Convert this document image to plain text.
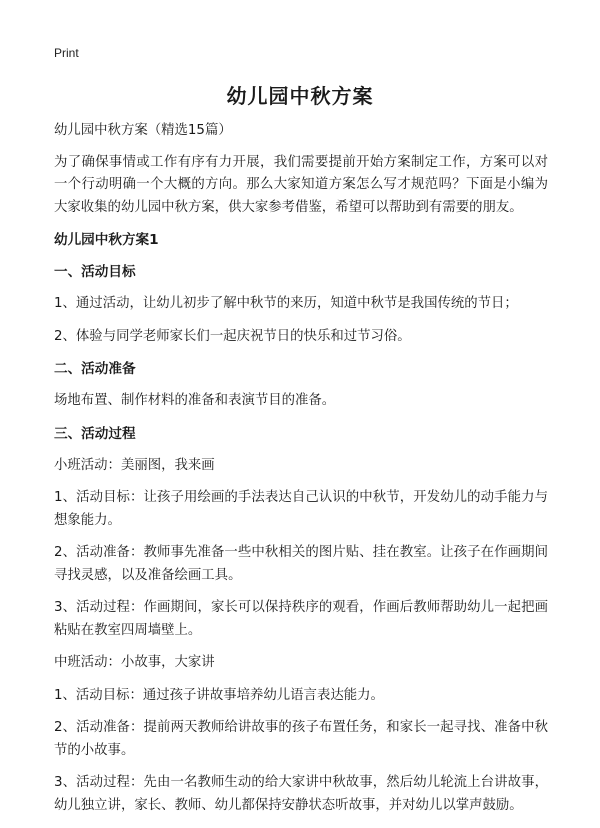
Print
幼儿园中秋方案

幼儿园中秋方案（精选15篇）

为了确保事情或工作有序有力开展，我们需要提前开始方案制定工作，方案可以对一个行动明确一个大概的方向。那么大家知道方案怎么写才规范吗？下面是小编为大家收集的幼儿园中秋方案，供大家参考借鉴，希望可以帮助到有需要的朋友。

幼儿园中秋方案1
一、活动目标

1、通过活动，让幼儿初步了解中秋节的来历，知道中秋节是我国传统的节日；

2、体验与同学老师家长们一起庆祝节日的快乐和过节习俗。

二、活动准备

场地布置、制作材料的准备和表演节目的准备。

三、活动过程

小班活动：美丽图，我来画

1、活动目标：让孩子用绘画的手法表达自己认识的中秋节，开发幼儿的动手能力与想象能力。

2、活动准备：教师事先准备一些中秋相关的图片贴、挂在教室。让孩子在作画期间寻找灵感，以及准备绘画工具。

3、活动过程：作画期间，家长可以保持秩序的观看，作画后教师帮助幼儿一起把画粘贴在教室四周墙壁上。

中班活动：小故事，大家讲

1、活动目标：通过孩子讲故事培养幼儿语言表达能力。

2、活动准备：提前两天教师给讲故事的孩子布置任务，和家长一起寻找、准备中秋节的小故事。

3、活动过程：先由一名教师生动的给大家讲中秋故事，然后幼儿轮流上台讲故事，幼儿独立讲，家长、教师、幼儿都保持安静状态听故事，并对幼儿以掌声鼓励。
